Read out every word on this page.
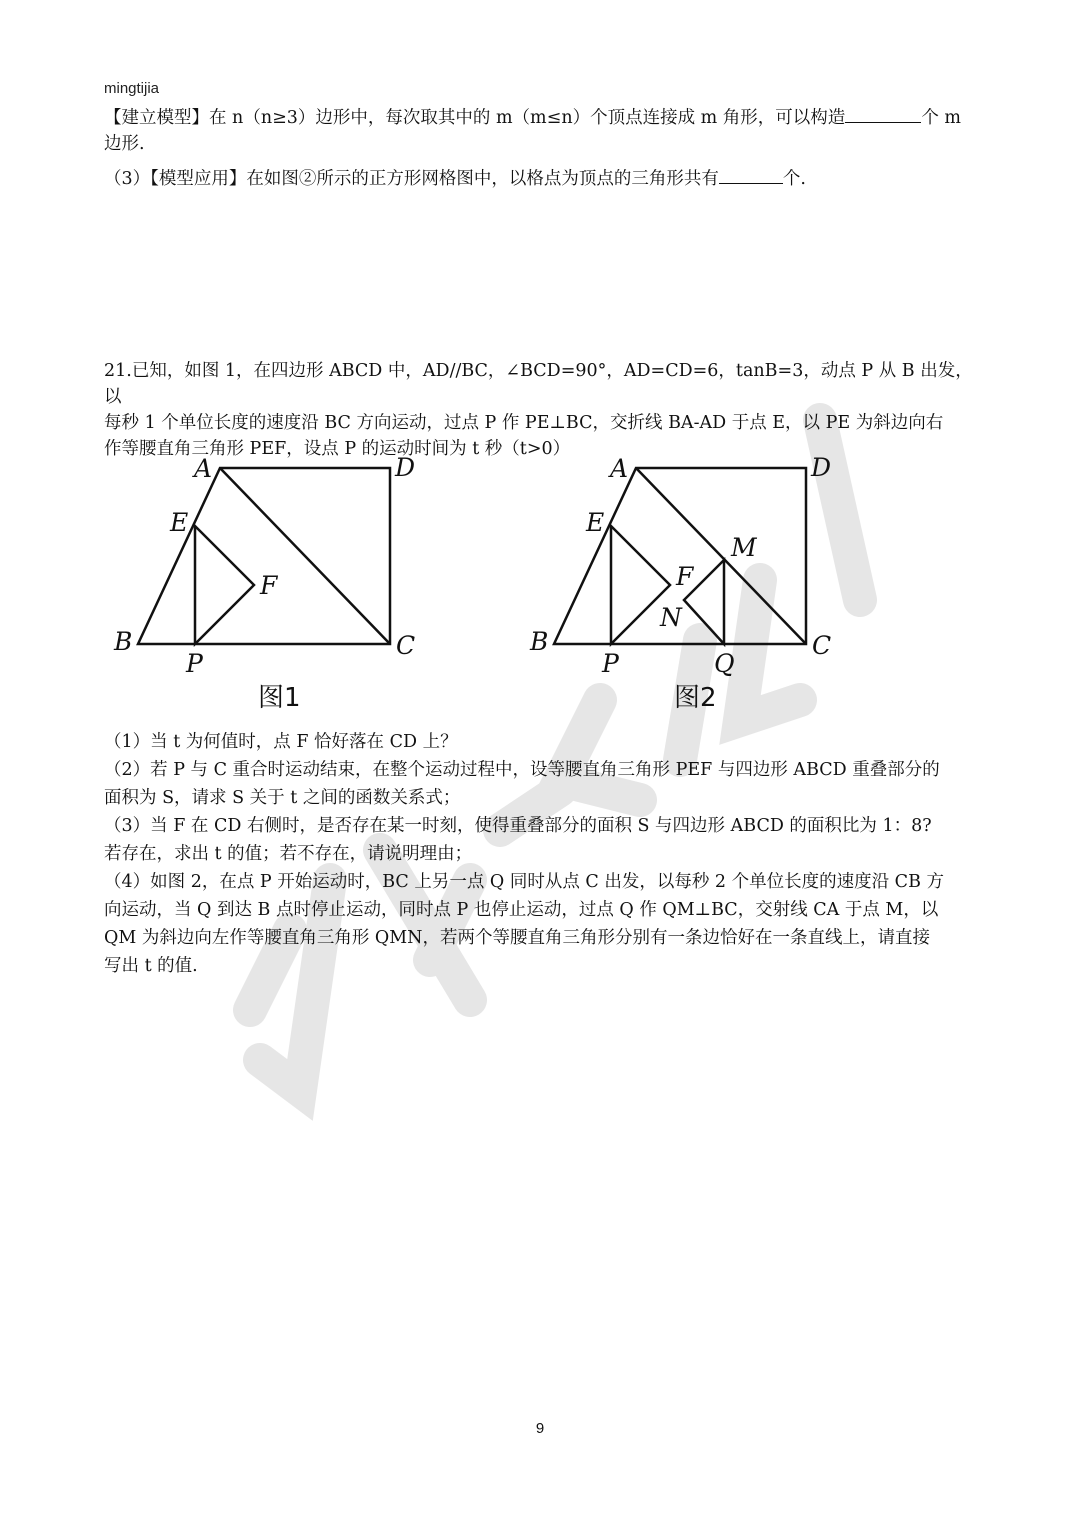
mingtijia

【建立模型】在 n（n≥3）边形中，每次取其中的 m（m≤n）个顶点连接成 m 角形，可以构造	个 m

边形.

（3）【模型应用】在如图②所示的正方形网格图中，以格点为顶点的三角形共有	个.

21.已知，如图 1，在四边形 ABCD 中，AD//BC，∠BCD=90°，AD=CD=6，tanB=3，动点 P 从 B 出发，以

每秒 1 个单位长度的速度沿 BC 方向运动，过点 P 作 PE⊥BC，交折线 BA-AD 于点 E，以 PE 为斜边向右

作等腰直角三角形 PEF，设点 P 的运动时间为 t 秒（t>0）

A	D
E
F
B
P
C
图1
A	D
E
F
M
N
B
P	Q
C
图2

（1）当 t 为何值时，点 F 恰好落在 CD 上？

（2）若 P 与 C 重合时运动结束，在整个运动过程中，设等腰直角三角形 PEF 与四边形 ABCD 重叠部分的

面积为 S，请求 S 关于 t 之间的函数关系式；

（3）当 F 在 CD 右侧时，是否存在某一时刻，使得重叠部分的面积 S 与四边形 ABCD 的面积比为 1：8?

若存在，求出 t 的值；若不存在，请说明理由；

（4）如图 2，在点 P 开始运动时，BC 上另一点 Q 同时从点 C 出发，以每秒 2 个单位长度的速度沿 CB 方

向运动，当 Q 到达 B 点时停止运动，同时点 P 也停止运动，过点 Q 作 QM⊥BC，交射线 CA 于点 M，以

QM 为斜边向左作等腰直角三角形 QMN，若两个等腰直角三角形分别有一条边恰好在一条直线上，请直接

写出 t 的值.

9
